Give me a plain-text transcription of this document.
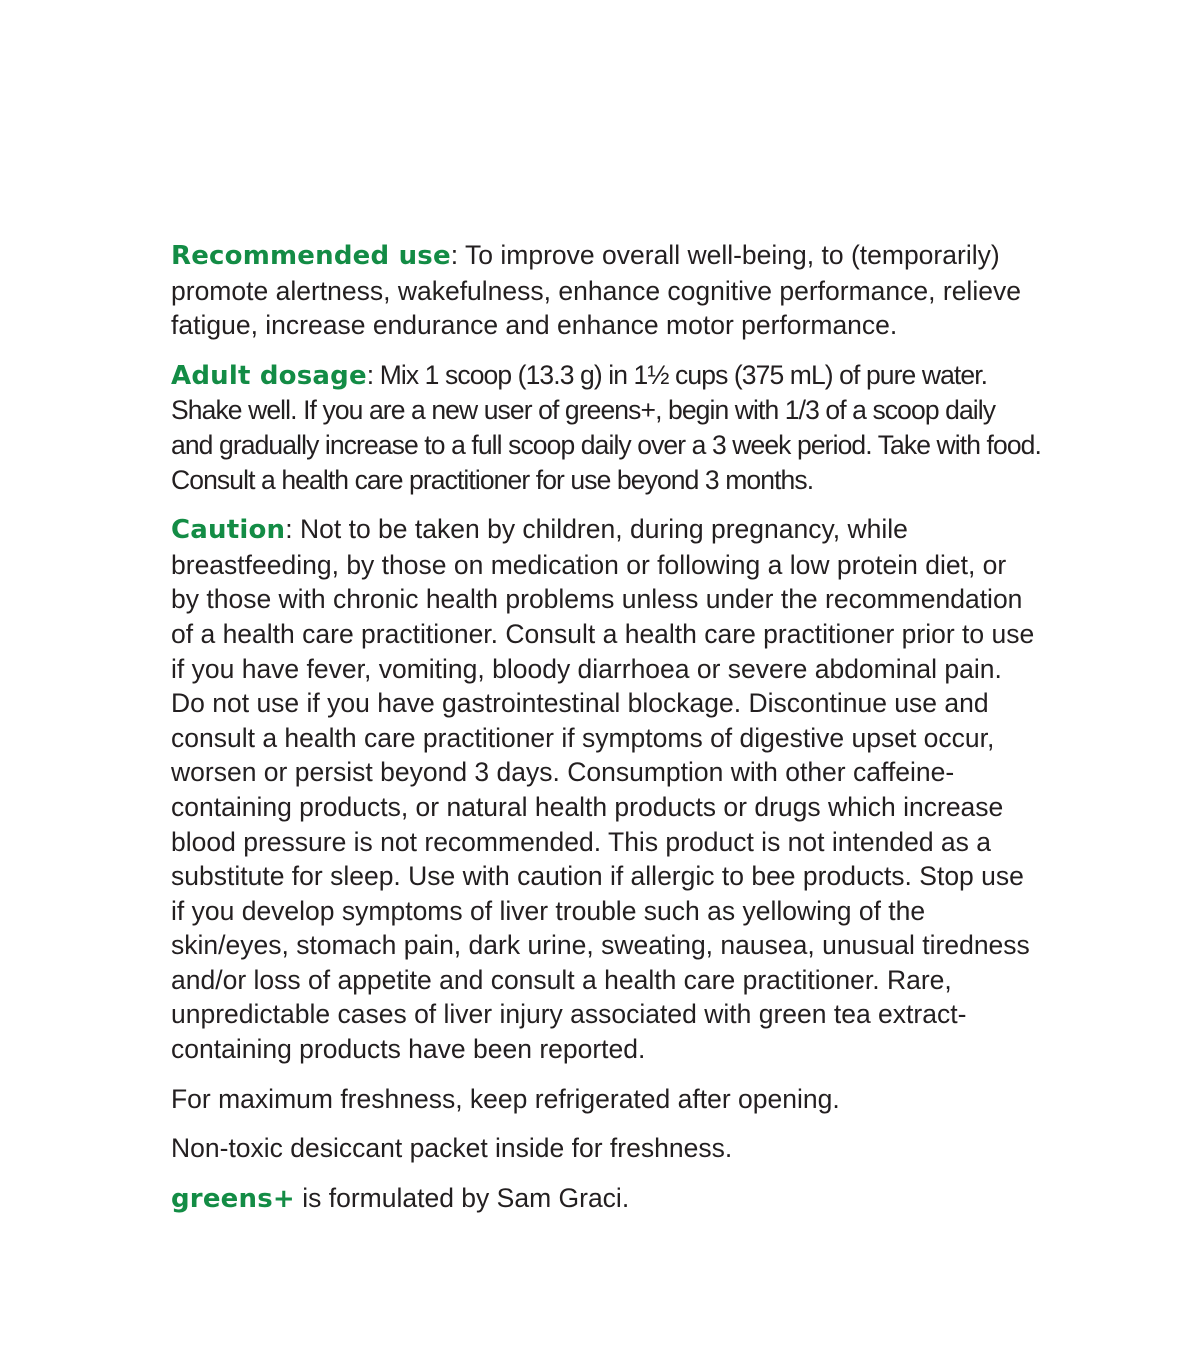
Recommended use: To improve overall well-being, to (temporarily) promote alertness, wakefulness, enhance cognitive performance, relieve fatigue, increase endurance and enhance motor performance.

Adult dosage: Mix 1 scoop (13.3 g) in 1½ cups (375 mL) of pure water. Shake well. If you are a new user of greens+, begin with 1/3 of a scoop daily and gradually increase to a full scoop daily over a 3 week period. Take with food. Consult a health care practitioner for use beyond 3 months.

Caution: Not to be taken by children, during pregnancy, while breastfeeding, by those on medication or following a low protein diet, or by those with chronic health problems unless under the recommendation of a health care practitioner. Consult a health care practitioner prior to use if you have fever, vomiting, bloody diarrhoea or severe abdominal pain. Do not use if you have gastrointestinal blockage. Discontinue use and consult a health care practitioner if symptoms of digestive upset occur, worsen or persist beyond 3 days. Consumption with other caffeine-containing products, or natural health products or drugs which increase blood pressure is not recommended. This product is not intended as a substitute for sleep. Use with caution if allergic to bee products. Stop use if you develop symptoms of liver trouble such as yellowing of the skin/eyes, stomach pain, dark urine, sweating, nausea, unusual tiredness and/or loss of appetite and consult a health care practitioner. Rare, unpredictable cases of liver injury associated with green tea extract-containing products have been reported.

For maximum freshness, keep refrigerated after opening.

Non-toxic desiccant packet inside for freshness.

greens+ is formulated by Sam Graci.
